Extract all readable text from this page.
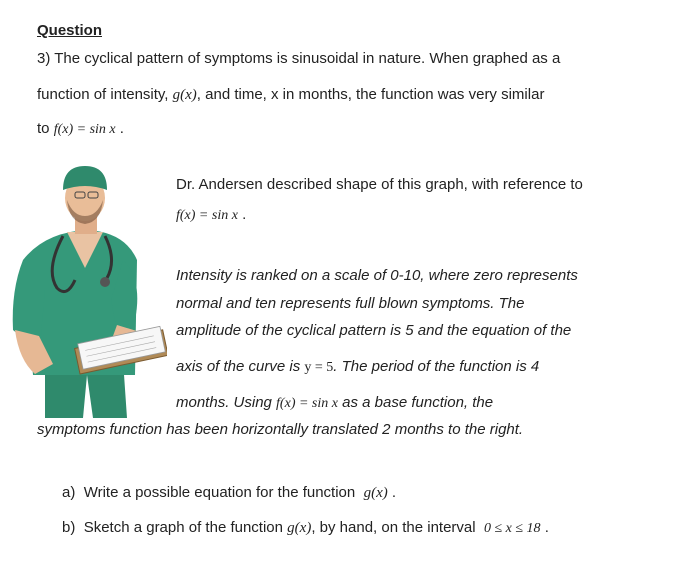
Question
3) The cyclical pattern of symptoms is sinusoidal in nature. When graphed as a
function of intensity, g(x), and time, x in months, the function was very similar
to f(x) = sin x .
Dr. Andersen described shape of this graph, with reference to
f(x) = sin x .
Intensity is ranked on a scale of 0-10, where zero represents
normal and ten represents full blown symptoms. The
amplitude of the cyclical pattern is 5 and the equation of the
axis of the curve is y = 5. The period of the function is 4
months. Using f(x) = sin x as a base function, the
symptoms function has been horizontally translated 2 months to the right.
a) Write a possible equation for the function g(x) .
b) Sketch a graph of the function g(x), by hand, on the interval 0 ≤ x ≤ 18 .
